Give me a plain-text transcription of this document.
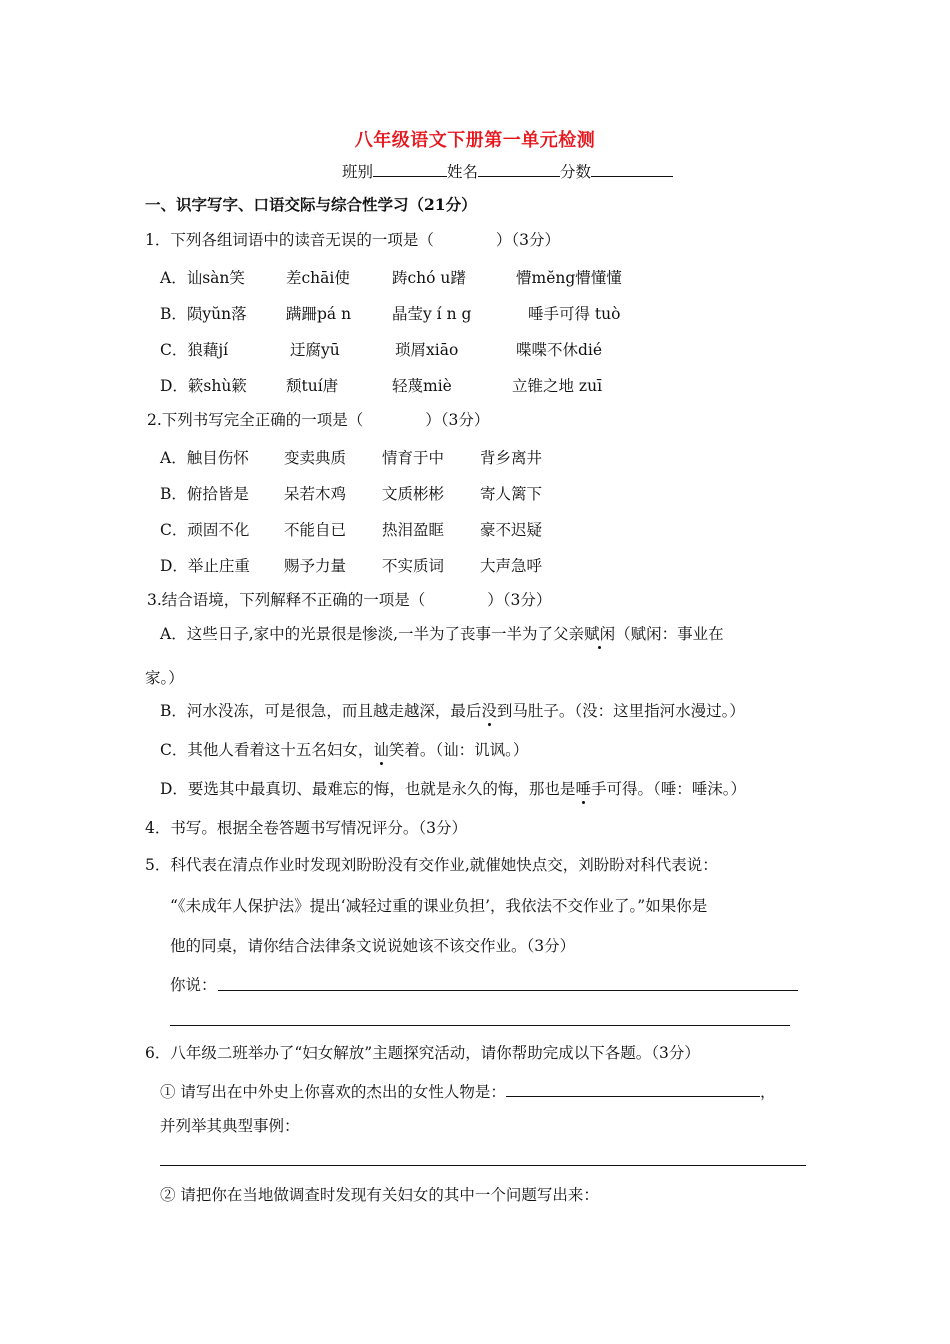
八年级语文下册第一单元检测
班别	姓名	分数
一、识字写字、口语交际与综合性学习（21分）
1．下列各组词语中的读音无误的一项是（　　　　）（3分）
A．讪sàn笑	差chāi使	踌chó u躇	懵mĕng懵懂懂
B．陨yŭn落	蹒跚pá n	晶莹y í n g	唾手可得 tuò
C．狼藉jí	迂腐yū	琐屑xiāo	喋喋不休dié
D．簌shù簌	颓tuí唐	轻蔑miè	立锥之地 zuī
2.下列书写完全正确的一项是（　　　　）（3分）
A．触目伤怀 变卖典质 情育于中 背乡离井
B．俯拾皆是 呆若木鸡 文质彬彬 寄人篱下
C．顽固不化 不能自已 热泪盈眶 豪不迟疑
D．举止庄重 赐予力量 不实质词 大声急呼
3.结合语境，下列解释不正确的一项是（　　　　）（3分）
A．这些日子,家中的光景很是惨淡,一半为了丧事一半为了父亲赋闲（赋闲：事业在
家。）
B．河水没冻，可是很急，而且越走越深，最后没到马肚子。（没：这里指河水漫过。）
C．其他人看着这十五名妇女，讪笑着。（讪：讥讽。）
D．要选其中最真切、最难忘的悔，也就是永久的悔，那也是唾手可得。（唾：唾沫。）
4．书写。根据全卷答题书写情况评分。（3分）
5．科代表在清点作业时发现刘盼盼没有交作业,就催她快点交，刘盼盼对科代表说：
“《未成年人保护法》提出‘减轻过重的课业负担’，我依法不交作业了。”如果你是
他的同桌，请你结合法律条文说说她该不该交作业。（3分）
你说：
6．八年级二班举办了“妇女解放”主题探究活动，请你帮助完成以下各题。（3分）
① 请写出在中外史上你喜欢的杰出的女性人物是：	，
并列举其典型事例：
② 请把你在当地做调查时发现有关妇女的其中一个问题写出来：
